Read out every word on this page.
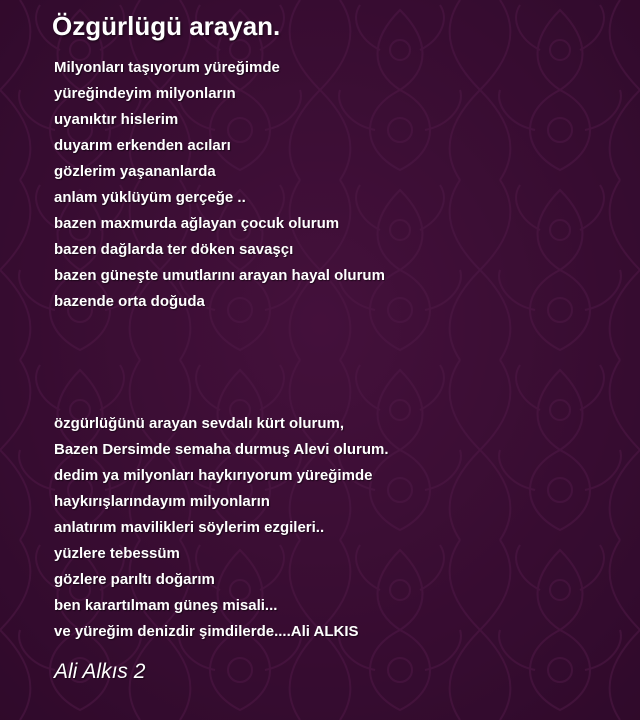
Özgürlügü arayan.
Milyonları taşıyorum yüreğimde
yüreğindeyim milyonların
uyanıktır hislerim
duyarım erkenden acıları
gözlerim yaşananlarda
anlam yüklüyüm gerçeğe ..
bazen maxmurda ağlayan çocuk olurum
bazen dağlarda ter döken savaşçı
bazen güneşte umutlarını arayan hayal olurum
bazende orta doğuda
özgürlüğünü arayan sevdalı kürt olurum,
Bazen Dersimde semaha durmuş Alevi olurum.
dedim ya milyonları haykırıyorum yüreğimde
haykırışlarındayım milyonların
anlatırım mavilikleri söylerim ezgileri..
yüzlere tebessüm
gözlere parıltı doğarım
ben karartılmam güneş misali...
ve yüreğim denizdir şimdilerde....Ali ALKIS
Ali Alkıs 2
